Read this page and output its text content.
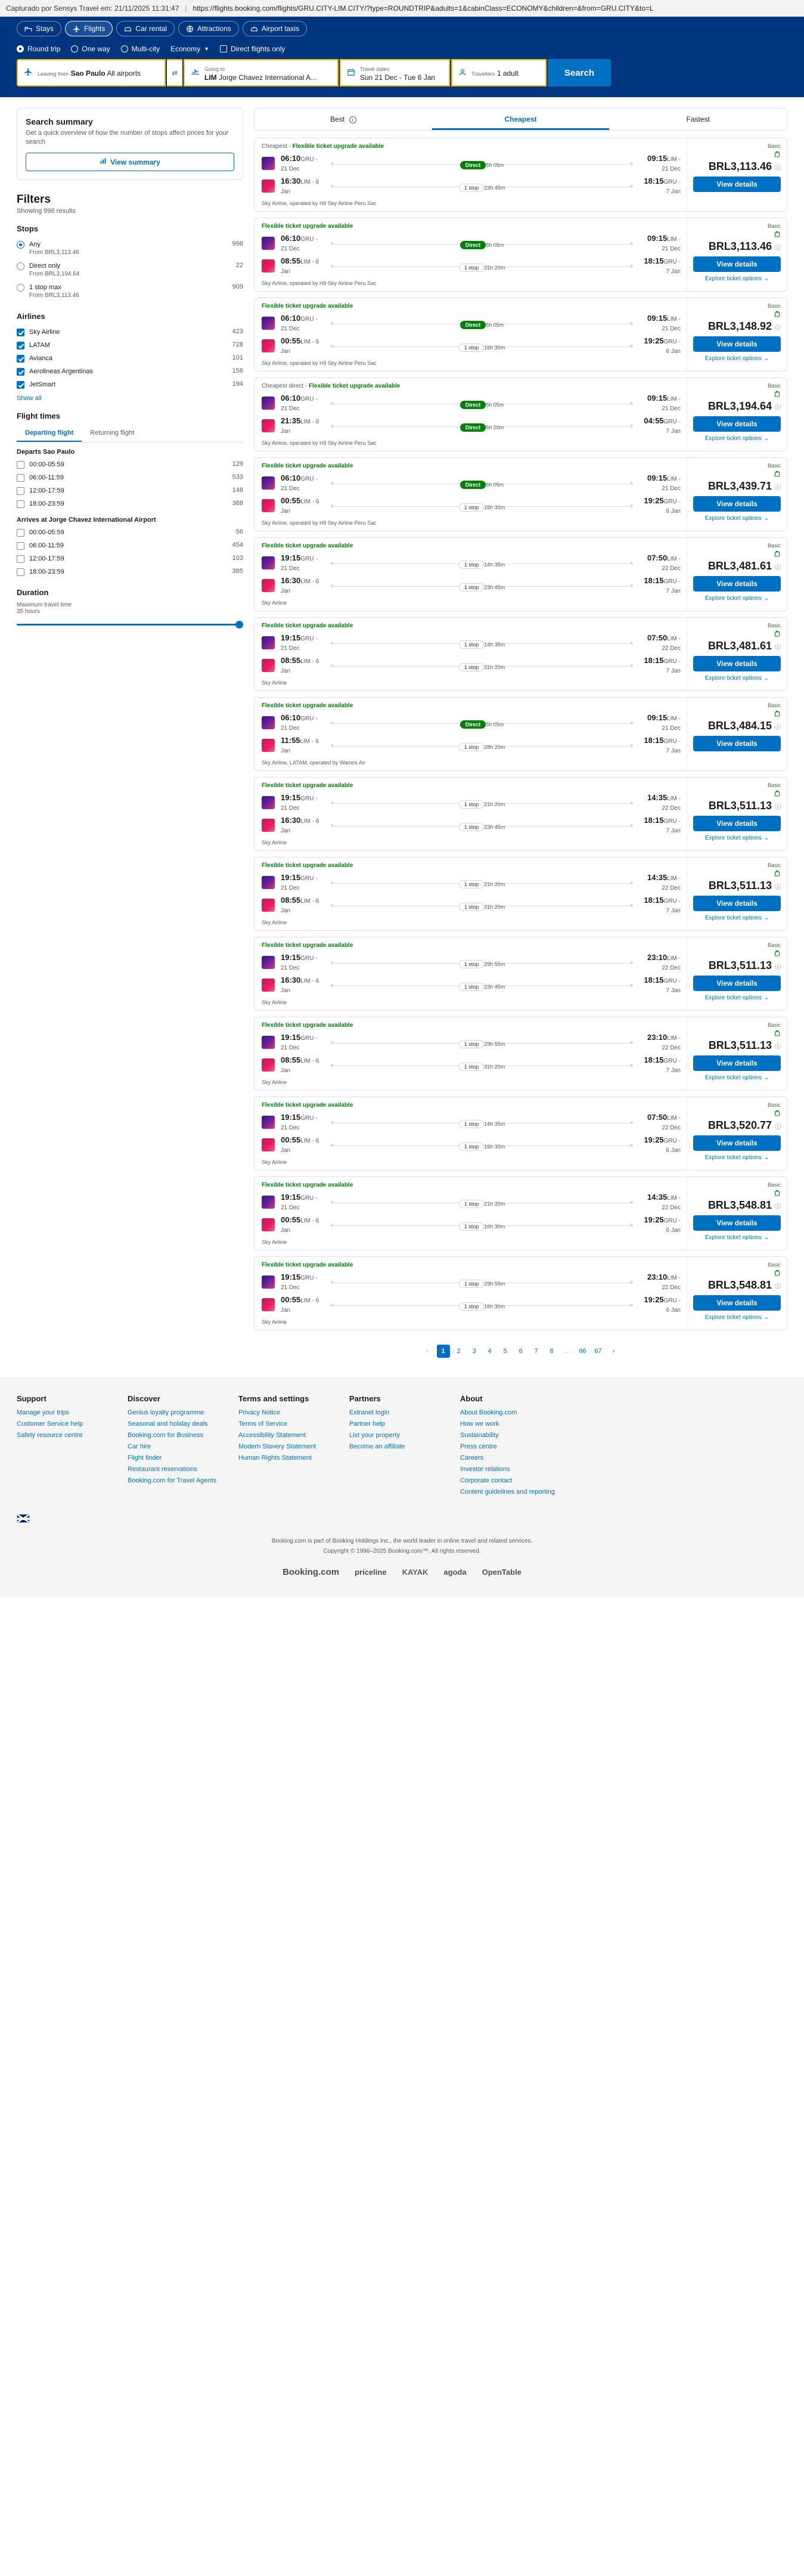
Capturado por Sensys Travel em: 21/11/2025 11:31:47 | https://flights.booking.com/flights/GRU.CITY-LIM.CITY/?type=ROUNDTRIP&adults=1&cabinClass=ECONOMY&children=&from=GRU.CITY&to=L
Stays	Flights	Car rental	Attractions	Airport taxis
Round trip	One way	Multi-city Economy ▼	Direct flights only
Leaving from Sao Paulo All airports	⇄
Going to LIM Jorge Chavez International A...
Travel dates Sun 21 Dec - Tue 6 Jan	Travellers 1 adult	Search
Search summary
Get a quick overview of how the number of stops affect prices for your search
View summary
Filters
Showing 998 results
Stops
Any
From BRL3,113.46
998
Direct only
From BRL3,194.64
22
1 stop max
From BRL3,113.46
909
Airlines
Sky Airline	423
LATAM	728
Avianca	101
Aerolineas Argentinas	156
JetSmart	194
Show all
Flight times
Departing flight	Returning flight
Departs Sao Paulo
00:00-05:59	129
06:00-11:59	533
12:00-17:59	148
18:00-23:59	388
Arrives at Jorge Chavez International Airport
00:00-05:59	56
06:00-11:59	454
12:00-17:59	103
18:00-23:59	385
Duration
Maximum travel time
35 hours
Best i	Cheapest	Fastest
Cheapest · Flexible ticket upgrade available
06:10GRU - 21 Dec
Direct 5h 05m
09:15LIM - 21 Dec
16:30LIM - 6 Jan
1 stop 23h 45m
18:15GRU - 7 Jan
Sky Airline, operated by H9 Sky Airline Peru Sac
Basic
BRL3,113.46 ⓘ
View details
Flexible ticket upgrade available
06:10GRU - 21 Dec
Direct 5h 05m
09:15LIM - 21 Dec
08:55LIM - 6 Jan
1 stop 31h 20m
18:15GRU - 7 Jan
Sky Airline, operated by H9 Sky Airline Peru Sac
Basic
BRL3,113.46 ⓘ
View details
Explore ticket options ⌄
Flexible ticket upgrade available
06:10GRU - 21 Dec
Direct 5h 05m
09:15LIM - 21 Dec
00:55LIM - 6 Jan
1 stop 16h 30m
19:25GRU - 6 Jan
Sky Airline, operated by H9 Sky Airline Peru Sac
Basic
BRL3,148.92 ⓘ
View details
Explore ticket options ⌄
Cheapest direct · Flexible ticket upgrade available
06:10GRU - 21 Dec
Direct 5h 05m
09:15LIM - 21 Dec
21:35LIM - 6 Jan
Direct 5h 20m
04:55GRU - 7 Jan
Sky Airline, operated by H9 Sky Airline Peru Sac
Basic
BRL3,194.64 ⓘ
View details
Explore ticket options ⌄
Flexible ticket upgrade available
06:10GRU - 21 Dec
Direct 5h 05m
09:15LIM - 21 Dec
00:55LIM - 6 Jan
1 stop 16h 30m
19:25GRU - 6 Jan
Sky Airline, operated by H9 Sky Airline Peru Sac
Basic
BRL3,439.71 ⓘ
View details
Explore ticket options ⌄
Flexible ticket upgrade available
19:15GRU - 21 Dec
1 stop 14h 35m
07:50LIM - 22 Dec
16:30LIM - 6 Jan
1 stop 23h 45m
18:15GRU - 7 Jan
Sky Airline
Basic
BRL3,481.61 ⓘ
View details
Explore ticket options ⌄
Flexible ticket upgrade available
19:15GRU - 21 Dec
1 stop 14h 35m
07:50LIM - 22 Dec
08:55LIM - 6 Jan
1 stop 31h 20m
18:15GRU - 7 Jan
Sky Airline
Basic
BRL3,481.61 ⓘ
View details
Explore ticket options ⌄
Flexible ticket upgrade available
06:10GRU - 21 Dec
Direct 5h 05m
09:15LIM - 21 Dec
11:55LIM - 6 Jan
1 stop 28h 20m
18:15GRU - 7 Jan
Sky Airline, LATAM, operated by Wamos Air
Basic
BRL3,484.15 ⓘ
View details
Flexible ticket upgrade available
19:15GRU - 21 Dec
1 stop 21h 20m
14:35LIM - 22 Dec
16:30LIM - 6 Jan
1 stop 23h 45m
18:15GRU - 7 Jan
Sky Airline
Basic
BRL3,511.13 ⓘ
View details
Explore ticket options ⌄
Flexible ticket upgrade available
19:15GRU - 21 Dec
1 stop 21h 20m
14:35LIM - 22 Dec
08:55LIM - 6 Jan
1 stop 31h 20m
18:15GRU - 7 Jan
Sky Airline
Basic
BRL3,511.13 ⓘ
View details
Explore ticket options ⌄
Flexible ticket upgrade available
19:15GRU - 21 Dec
1 stop 29h 55m
23:10LIM - 22 Dec
16:30LIM - 6 Jan
1 stop 23h 45m
18:15GRU - 7 Jan
Sky Airline
Basic
BRL3,511.13 ⓘ
View details
Explore ticket options ⌄
Flexible ticket upgrade available
19:15GRU - 21 Dec
1 stop 29h 55m
23:10LIM - 22 Dec
08:55LIM - 6 Jan
1 stop 31h 20m
18:15GRU - 7 Jan
Sky Airline
Basic
BRL3,511.13 ⓘ
View details
Explore ticket options ⌄
Flexible ticket upgrade available
19:15GRU - 21 Dec
1 stop 14h 35m
07:50LIM - 22 Dec
00:55LIM - 6 Jan
1 stop 16h 30m
19:25GRU - 6 Jan
Sky Airline
Basic
BRL3,520.77 ⓘ
View details
Explore ticket options ⌄
Flexible ticket upgrade available
19:15GRU - 21 Dec
1 stop 21h 20m
14:35LIM - 22 Dec
00:55LIM - 6 Jan
1 stop 16h 30m
19:25GRU - 6 Jan
Sky Airline
Basic
BRL3,548.81 ⓘ
View details
Explore ticket options ⌄
Flexible ticket upgrade available
19:15GRU - 21 Dec
1 stop 29h 55m
23:10LIM - 22 Dec
00:55LIM - 6 Jan
1 stop 16h 30m
19:25GRU - 6 Jan
Sky Airline
Basic
BRL3,548.81 ⓘ
View details
Explore ticket options ⌄
‹	1	2	3	4	5	6	7	8	…	66	67	›
Support
Manage your trips
Customer Service help
Safety resource centre
Discover
Genius loyalty programme
Seasonal and holiday deals
Booking.com for Business
Car hire
Flight finder
Restaurant reservations
Booking.com for Travel Agents
Terms and settings
Privacy Notice
Terms of Service
Accessibility Statement
Modern Slavery Statement
Human Rights Statement
Partners
Extranet login
Partner help
List your property
Become an affiliate
About
About Booking.com
How we work
Sustainability
Press centre
Careers
Investor relations
Corporate contact
Content guidelines and reporting
Booking.com is part of Booking Holdings Inc., the world leader in online travel and related services.
Copyright © 1996–2025 Booking.com™. All rights reserved.
Booking.com priceline KAYAK agoda OpenTable
